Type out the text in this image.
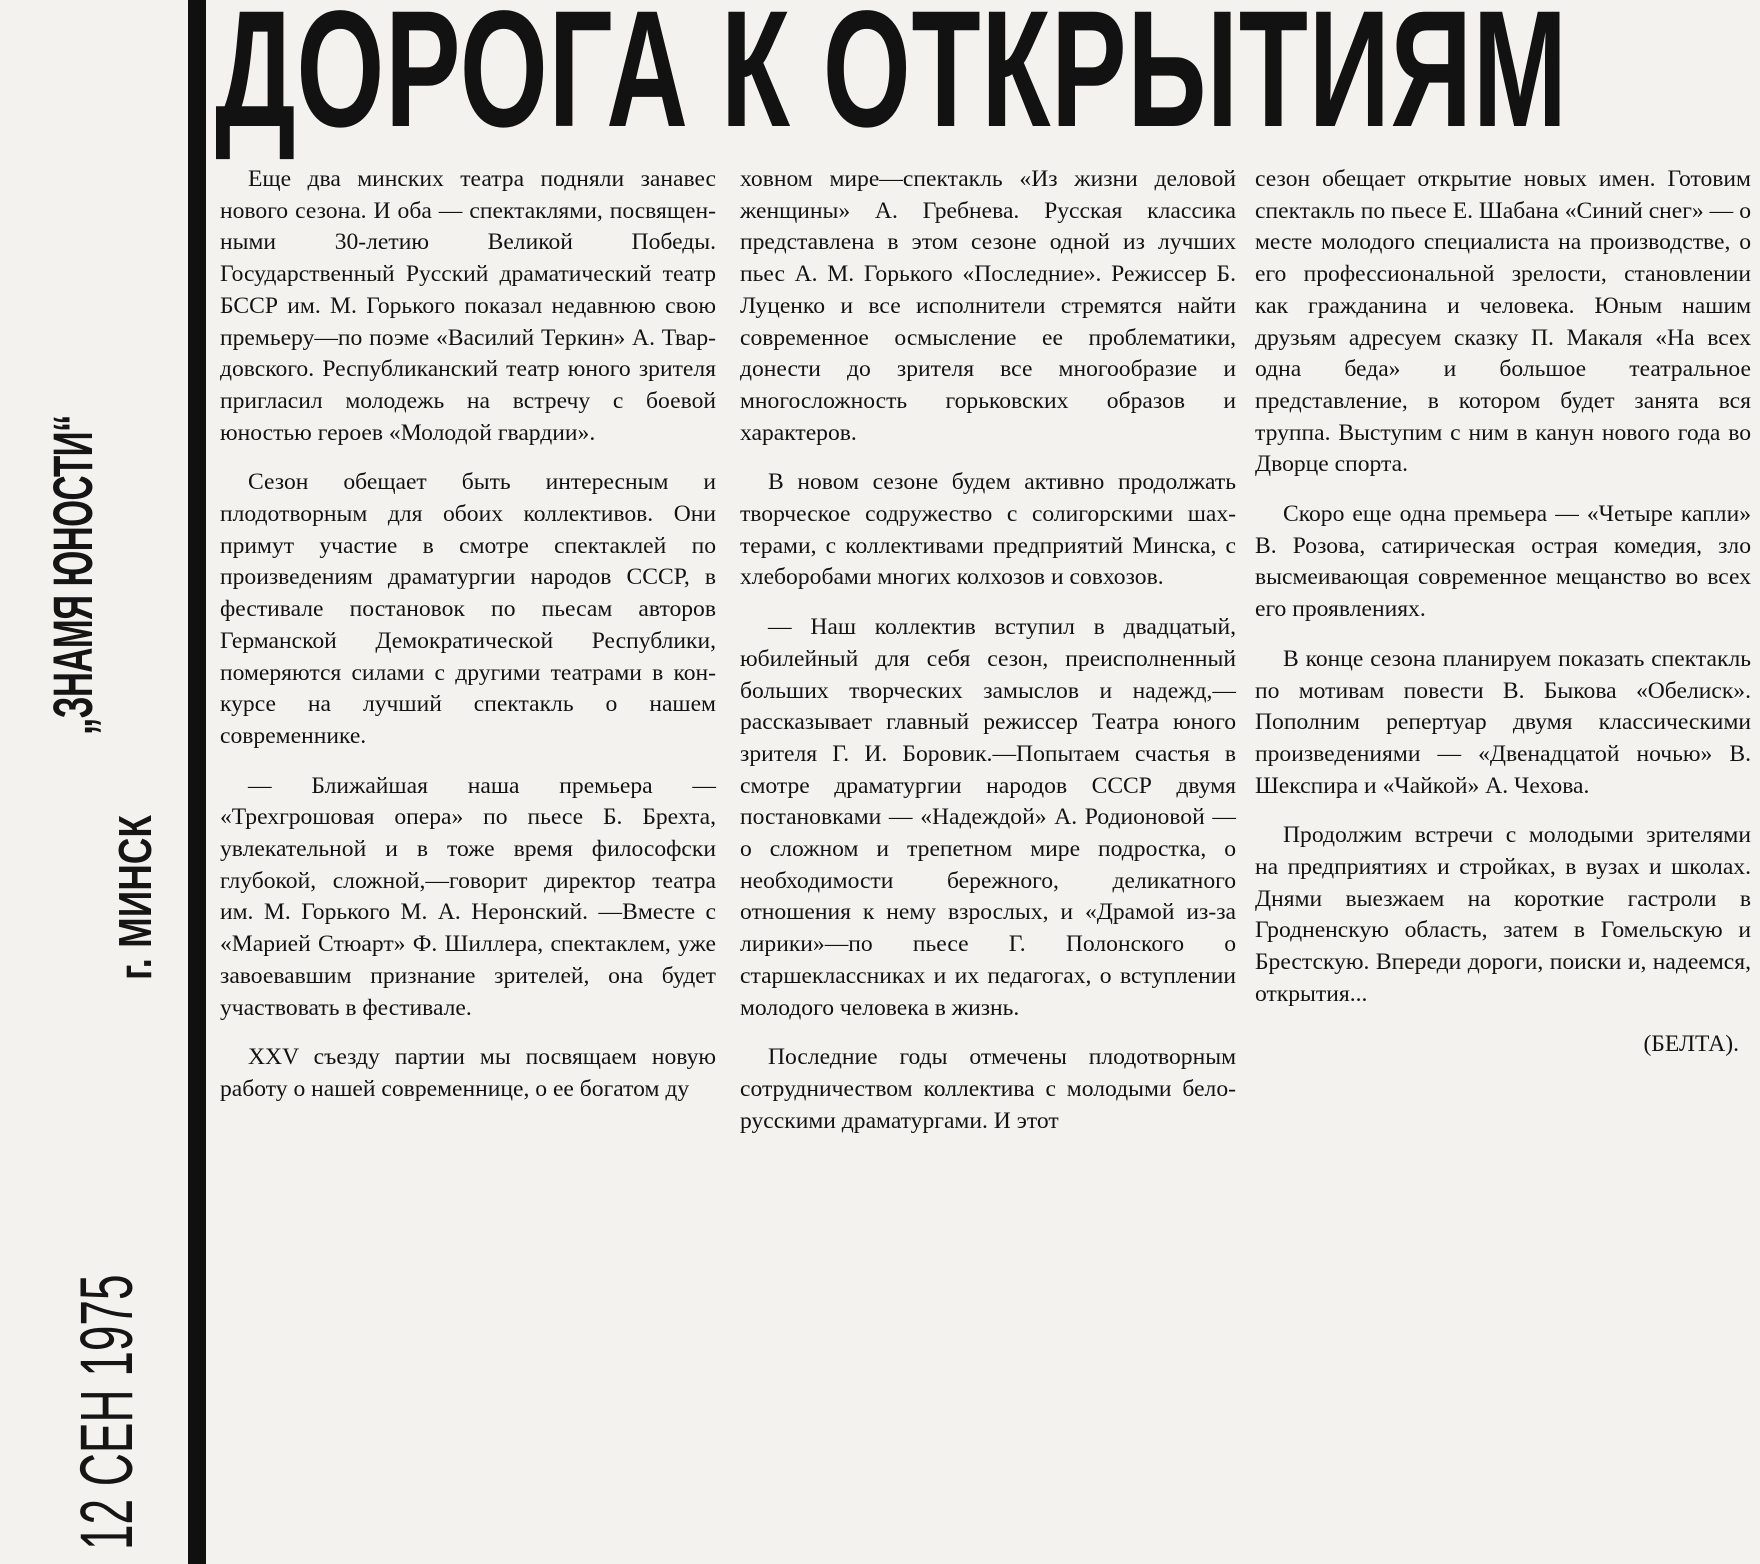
„ЗНАМЯ ЮНОСТИ“
г. МИНСК
12 СЕН 1975
ДОРОГА К ОТКРЫТИЯМ

Еще два минских театра подняли занавес нового сезона. И оба — спектаклями, посвященными 30-летию Великой Победы. Государственный Русский драматический театр БССР им. М. Горького показал недавнюю свою премьеру—по поэме «Василий Теркин» А. Твардовского. Республиканский театр юного зрителя пригласил молодежь на встречу с боевой юностью героев «Молодой гвардии».

Сезон обещает быть интересным и плодотворным для обоих коллективов. Они примут участие в смотре спектаклей по произведениям драматургии народов СССР, в фестивале постановок по пьесам авторов Германской Демократической Республики, померяются силами с другими театрами в конкурсе на лучший спектакль о нашем современнике.

— Ближайшая наша премьера — «Трехгрошовая опера» по пьесе Б. Брехта, увлекательной и в тоже время философски глубокой, сложной,—говорит директор театра им. М. Горького М. А. Неронский. —Вместе с «Марией Стюарт» Ф. Шиллера, спектаклем, уже завоевавшим признание зрителей, она будет участвовать в фестивале.

XXV съезду партии мы посвящаем новую работу о нашей современнице, о ее богатом ду

ховном мире—спектакль «Из жизни деловой женщины» А. Гребнева. Русская классика представлена в этом сезоне одной из лучших пьес А. М. Горького «Последние». Режиссер Б. Луценко и все исполнители стремятся найти современное осмысление ее проблематики, донести до зрителя все многообразие и многосложность горьковских образов и характеров.

В новом сезоне будем активно продолжать творческое содружество с солигорскими шахтерами, с коллективами предприятий Минска, с хлеборобами многих колхозов и совхозов.

— Наш коллектив вступил в двадцатый, юбилейный для себя сезон, преисполненный больших творческих замыслов и надежд,—рассказывает главный режиссер Театра юного зрителя Г. И. Боровик.—Попытаем счастья в смотре драматургии народов СССР двумя постановками — «Надеждой» А. Родионовой — о сложном и трепетном мире подростка, о необходимости бережного, деликатного отношения к нему взрослых, и «Драмой из-за лирики»—по пьесе Г. Полонского о старшеклассниках и их педагогах, о вступлении молодого человека в жизнь.

Последние годы отмечены плодотворным сотрудничеством коллектива с молодыми белорусскими драматургами. И этот

сезон обещает открытие новых имен. Готовим спектакль по пьесе Е. Шабана «Синий снег» — о месте молодого специалиста на производстве, о его профессиональной зрелости, становлении как гражданина и человека. Юным нашим друзьям адресуем сказку П. Макаля «На всех одна беда» и большое театральное представление, в котором будет занята вся труппа. Выступим с ним в канун нового года во Дворце спорта.

Скоро еще одна премьера — «Четыре капли» В. Розова, сатирическая острая комедия, зло высмеивающая современное мещанство во всех его проявлениях.

В конце сезона планируем показать спектакль по мотивам повести В. Быкова «Обелиск». Пополним репертуар двумя классическими произведениями — «Двенадцатой ночью» В. Шекспира и «Чайкой» А. Чехова.

Продолжим встречи с молодыми зрителями на предприятиях и стройках, в вузах и школах. Днями выезжаем на короткие гастроли в Гродненскую область, затем в Гомельскую и Брестскую. Впереди дороги, поиски и, надеемся, открытия...

(БЕЛТА).
